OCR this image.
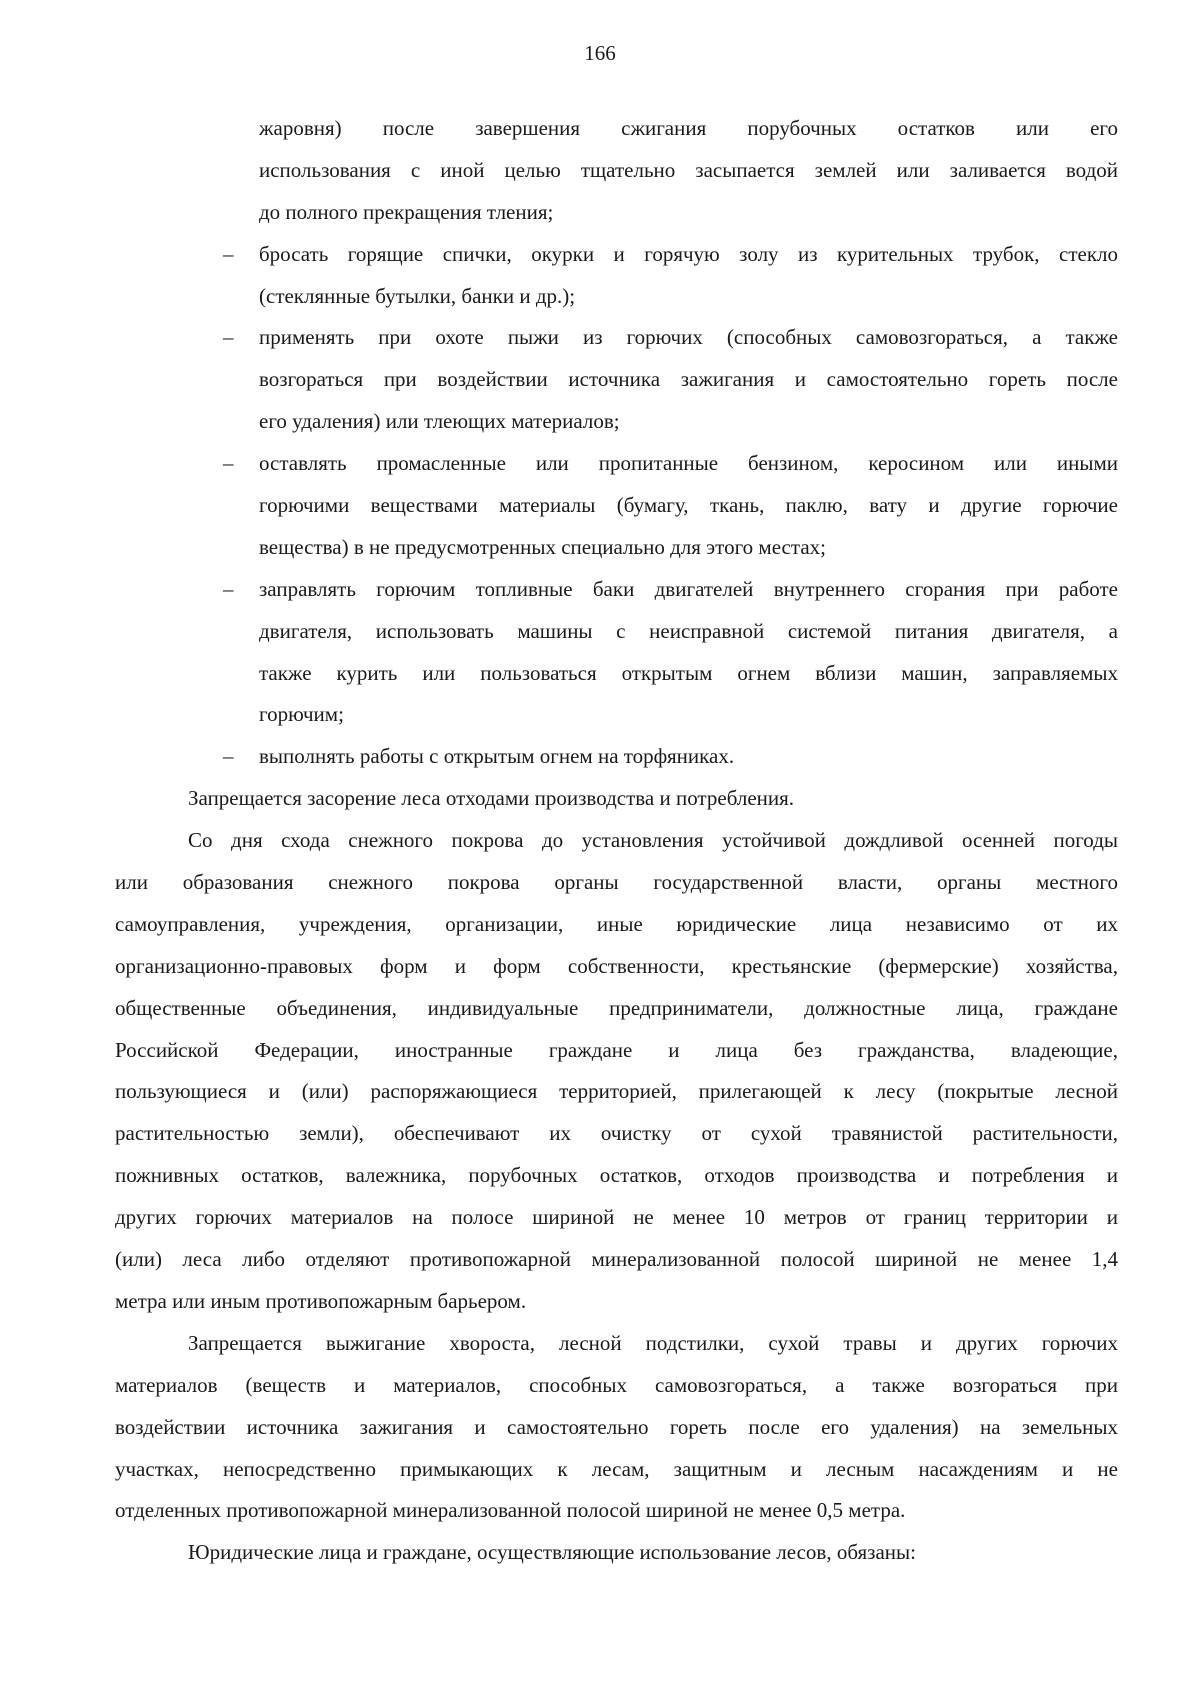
166
жаровня) после завершения сжигания порубочных остатков или его
использования с иной целью тщательно засыпается землей или заливается водой
до полного прекращения тления;
–	бросать горящие спички, окурки и горячую золу из курительных трубок, стекло
(стеклянные бутылки, банки и др.);
–	применять при охоте пыжи из горючих (способных самовозгораться, а также
возгораться при воздействии источника зажигания и самостоятельно гореть после
его удаления) или тлеющих материалов;
–	оставлять промасленные или пропитанные бензином, керосином или иными
горючими веществами материалы (бумагу, ткань, паклю, вату и другие горючие
вещества) в не предусмотренных специально для этого местах;
–	заправлять горючим топливные баки двигателей внутреннего сгорания при работе
двигателя, использовать машины с неисправной системой питания двигателя, а
также курить или пользоваться открытым огнем вблизи машин, заправляемых
горючим;
–	выполнять работы с открытым огнем на торфяниках.
Запрещается засорение леса отходами производства и потребления.
Со дня схода снежного покрова до установления устойчивой дождливой осенней погоды
или образования снежного покрова органы государственной власти, органы местного
самоуправления, учреждения, организации, иные юридические лица независимо от их
организационно-правовых форм и форм собственности, крестьянские (фермерские) хозяйства,
общественные объединения, индивидуальные предприниматели, должностные лица, граждане
Российской Федерации, иностранные граждане и лица без гражданства, владеющие,
пользующиеся и (или) распоряжающиеся территорией, прилегающей к лесу (покрытые лесной
растительностью земли), обеспечивают их очистку от сухой травянистой растительности,
пожнивных остатков, валежника, порубочных остатков, отходов производства и потребления и
других горючих материалов на полосе шириной не менее 10 метров от границ территории и
(или) леса либо отделяют противопожарной минерализованной полосой шириной не менее 1,4
метра или иным противопожарным барьером.
Запрещается выжигание хвороста, лесной подстилки, сухой травы и других горючих
материалов (веществ и материалов, способных самовозгораться, а также возгораться при
воздействии источника зажигания и самостоятельно гореть после его удаления) на земельных
участках, непосредственно примыкающих к лесам, защитным и лесным насаждениям и не
отделенных противопожарной минерализованной полосой шириной не менее 0,5 метра.
Юридические лица и граждане, осуществляющие использование лесов, обязаны:
